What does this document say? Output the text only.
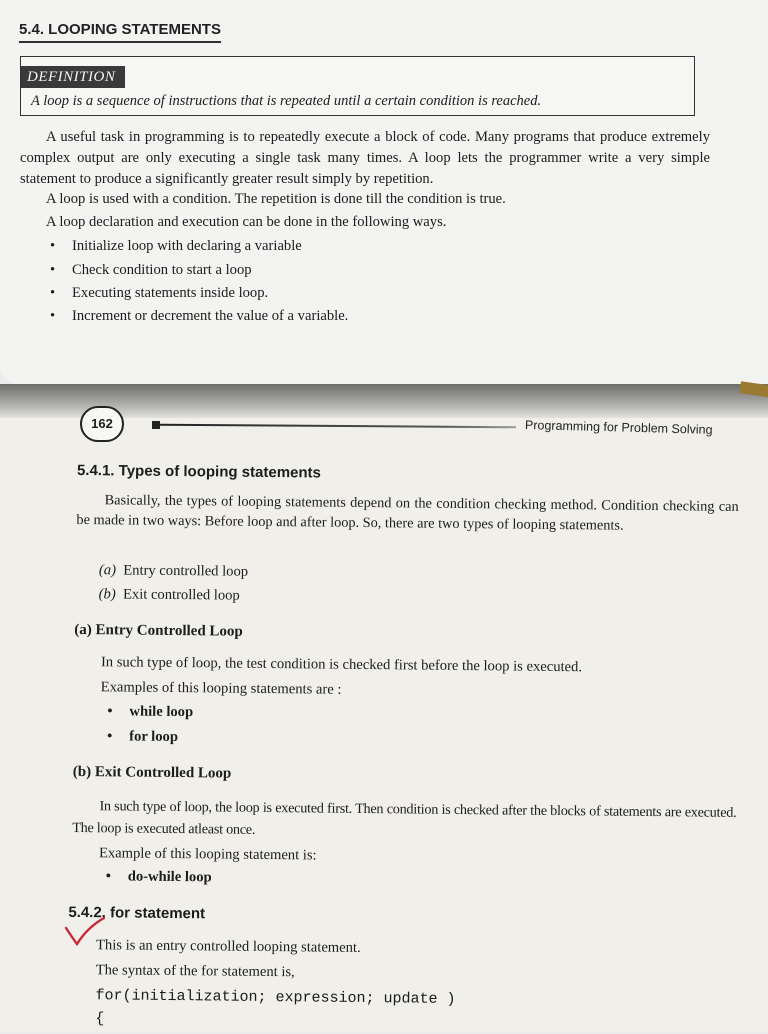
5.4. LOOPING STATEMENTS
DEFINITION
A loop is a sequence of instructions that is repeated until a certain condition is reached.

A useful task in programming is to repeatedly execute a block of code. Many programs that produce extremely complex output are only executing a single task many times. A loop lets the programmer write a very simple statement to produce a significantly greater result simply by repetition.

A loop is used with a condition. The repetition is done till the condition is true.
A loop declaration and execution can be done in the following ways.
• Initialize loop with declaring a variable
• Check condition to start a loop
• Executing statements inside loop.
• Increment or decrement the value of a variable.
162	Programming for Problem Solving
5.4.1. Types of looping statements

Basically, the types of looping statements depend on the condition checking method. Condition checking can be made in two ways: Before loop and after loop. So, there are two types of looping statements.

(a) Entry controlled loop
(b) Exit controlled loop
(a) Entry Controlled Loop
In such type of loop, the test condition is checked first before the loop is executed.
Examples of this looping statements are :
• while loop
• for loop
(b) Exit Controlled Loop

In such type of loop, the loop is executed first. Then condition is checked after the blocks of statements are executed. The loop is executed atleast once.

Example of this looping statement is:
• do-while loop
5.4.2. for statement
This is an entry controlled looping statement.
The syntax of the for statement is,
for(initialization; expression; update )
{
